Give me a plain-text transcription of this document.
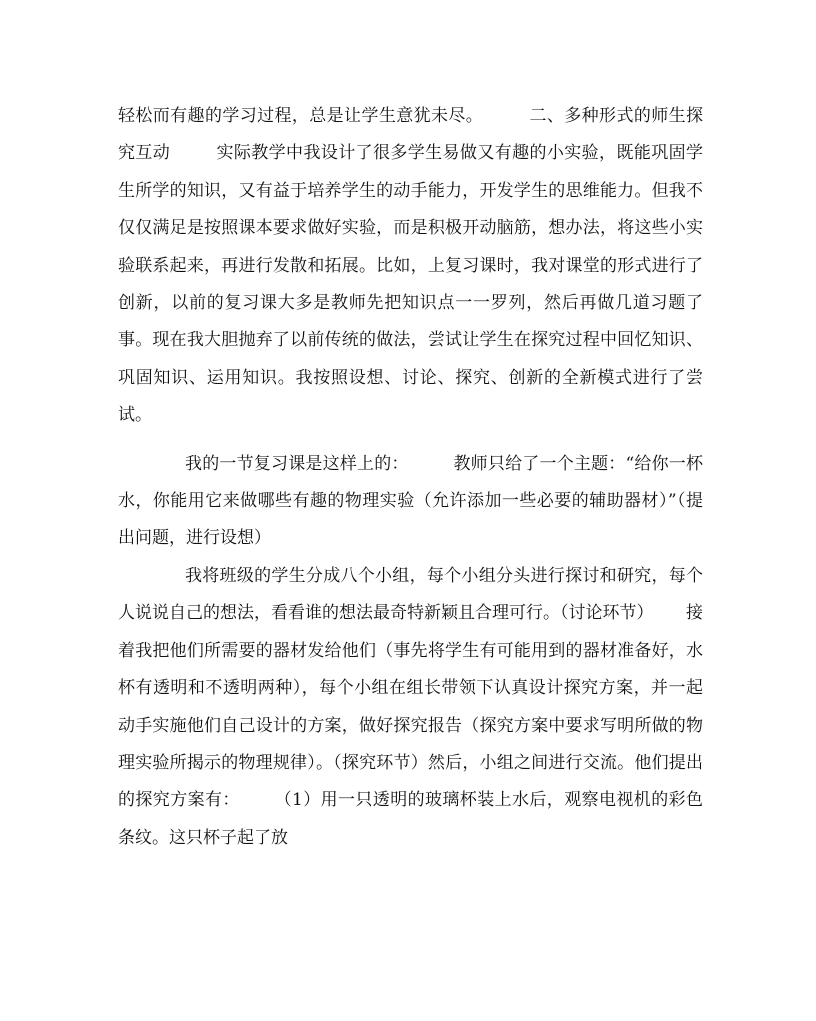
轻松而有趣的学习过程，总是让学生意犹未尽。        二、多种形式的师生探究互动        实际教学中我设计了很多学生易做又有趣的小实验，既能巩固学生所学的知识，又有益于培养学生的动手能力，开发学生的思维能力。但我不仅仅满足是按照课本要求做好实验，而是积极开动脑筋，想办法，将这些小实验联系起来，再进行发散和拓展。比如，上复习课时，我对课堂的形式进行了创新，以前的复习课大多是教师先把知识点一一罗列，然后再做几道习题了事。现在我大胆抛弃了以前传统的做法，尝试让学生在探究过程中回忆知识、巩固知识、运用知识。我按照设想、讨论、探究、创新的全新模式进行了尝试。

我的一节复习课是这样上的：        教师只给了一个主题：“给你一杯水，你能用它来做哪些有趣的物理实验（允许添加一些必要的辅助器材）”（提出问题，进行设想）

我将班级的学生分成八个小组，每个小组分头进行探讨和研究，每个人说说自己的想法，看看谁的想法最奇特新颖且合理可行。（讨论环节）      接着我把他们所需要的器材发给他们（事先将学生有可能用到的器材准备好，水杯有透明和不透明两种），每个小组在组长带领下认真设计探究方案，并一起动手实施他们自己设计的方案，做好探究报告（探究方案中要求写明所做的物理实验所揭示的物理规律）。（探究环节）然后，小组之间进行交流。他们提出的探究方案有：      （1）用一只透明的玻璃杯装上水后，观察电视机的彩色条纹。这只杯子起了放
